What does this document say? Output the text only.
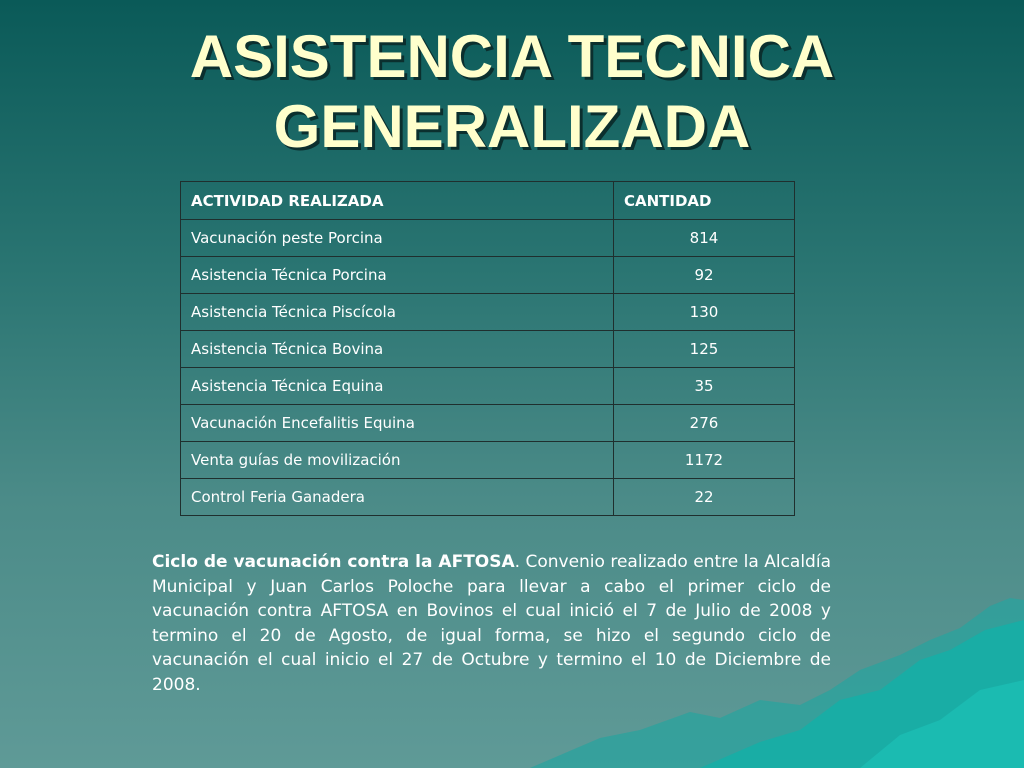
ASISTENCIA TECNICA
GENERALIZADA
ACTIVIDAD REALIZADA	CANTIDAD
Vacunación peste Porcina	814
Asistencia Técnica Porcina	92
Asistencia Técnica Piscícola	130
Asistencia Técnica Bovina	125
Asistencia Técnica Equina	35
Vacunación Encefalitis Equina	276
Venta guías de movilización	1172
Control Feria Ganadera	22

Ciclo de vacunación contra la AFTOSA. Convenio realizado entre la Alcaldía Municipal y Juan Carlos Poloche para llevar a cabo el primer ciclo de vacunación contra AFTOSA en Bovinos el cual inició el 7 de Julio de 2008 y termino el 20 de Agosto, de igual forma, se hizo el segundo ciclo de vacunación el cual inicio el 27 de Octubre y termino el 10 de Diciembre de 2008.
